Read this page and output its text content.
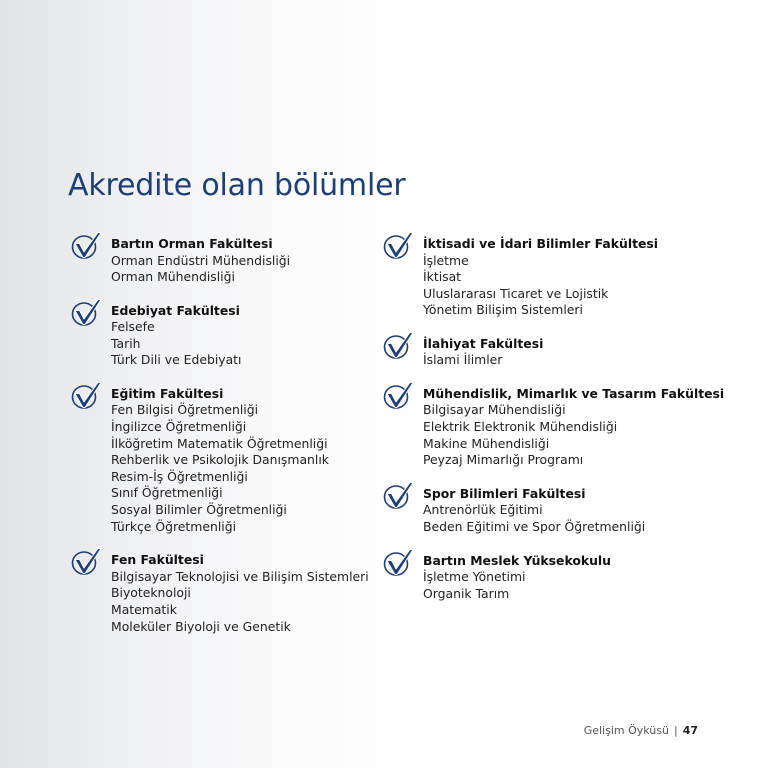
Akredite olan bölümler
Bartın Orman Fakültesi
Orman Endüstri Mühendisliği
Orman Mühendisliği
Edebiyat Fakültesi
Felsefe
Tarih
Türk Dili ve Edebiyatı
Eğitim Fakültesi
Fen Bilgisi Öğretmenliği
İngilizce Öğretmenliği
İlköğretim Matematik Öğretmenliği
Rehberlik ve Psikolojik Danışmanlık
Resim-İş Öğretmenliği
Sınıf Öğretmenliği
Sosyal Bilimler Öğretmenliği
Türkçe Öğretmenliği
Fen Fakültesi
Bilgisayar Teknolojisi ve Bilişim Sistemleri
Biyoteknoloji
Matematik
Moleküler Biyoloji ve Genetik
İktisadi ve İdari Bilimler Fakültesi
İşletme
İktisat
Uluslararası Ticaret ve Lojistik
Yönetim Bilişim Sistemleri
İlahiyat Fakültesi
İslami İlimler
Mühendislik, Mimarlık ve Tasarım Fakültesi
Bilgisayar Mühendisliği
Elektrik Elektronik Mühendisliği
Makine Mühendisliği
Peyzaj Mimarlığı Programı
Spor Bilimleri Fakültesi
Antrenörlük Eğitimi
Beden Eğitimi ve Spor Öğretmenliği
Bartın Meslek Yüksekokulu
İşletme Yönetimi
Organik Tarım
Gelişim Öyküsü | 47
